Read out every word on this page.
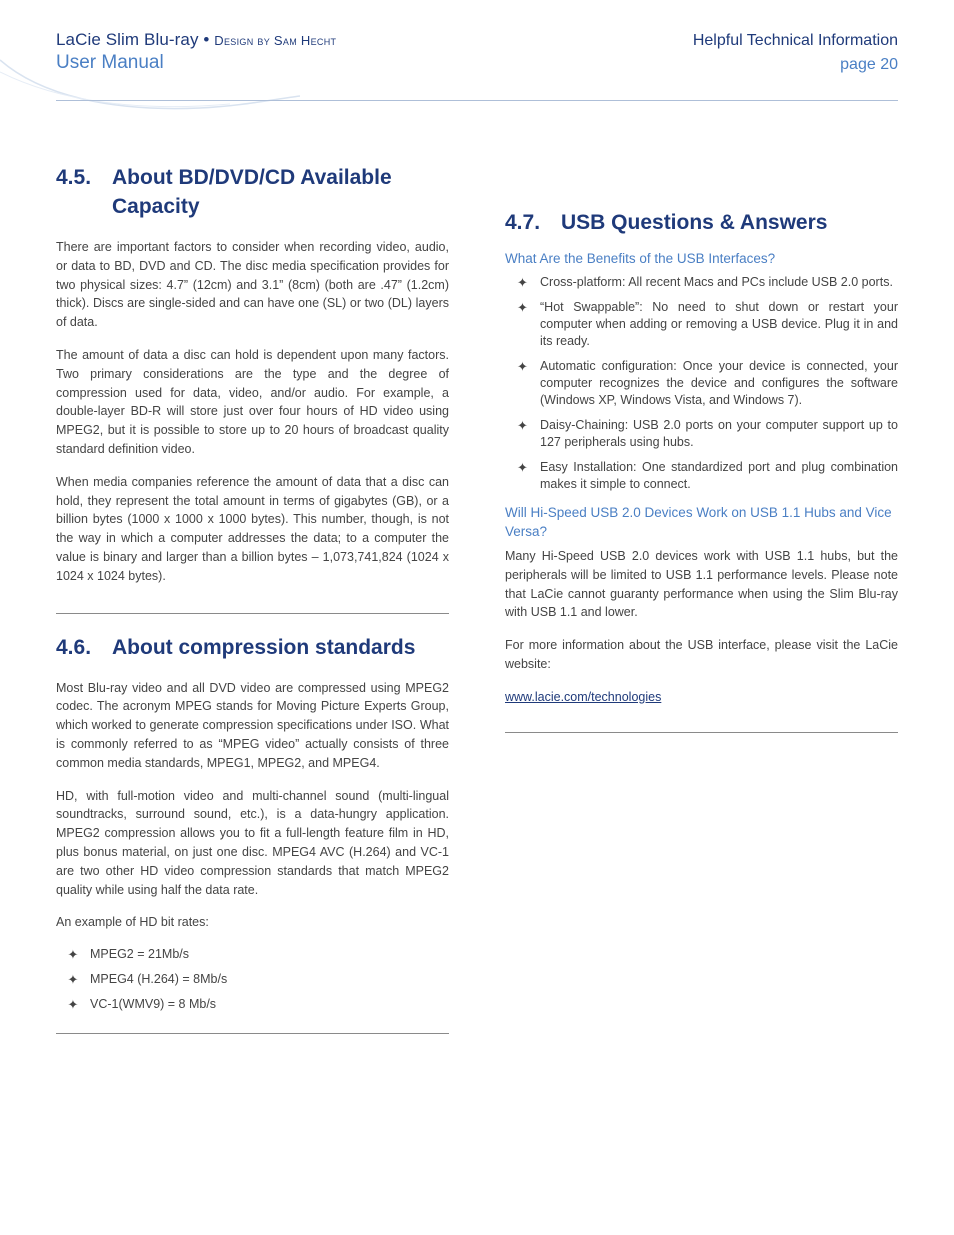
LaCie Slim Blu-ray • Design by Sam Hecht
User Manual
Helpful Technical Information
page 20
4.5. About BD/DVD/CD Available Capacity

There are important factors to consider when recording video, audio, or data to BD, DVD and CD. The disc media specification provides for two physical sizes: 4.7” (12cm) and 3.1” (8cm) (both are .47” (1.2cm) thick). Discs are single-sided and can have one (SL) or two (DL) layers of data.

The amount of data a disc can hold is dependent upon many factors. Two primary considerations are the type and the degree of compression used for data, video, and/or audio. For example, a double-layer BD-R will store just over four hours of HD video using MPEG2, but it is possible to store up to 20 hours of broadcast quality standard definition video.

When media companies reference the amount of data that a disc can hold, they represent the total amount in terms of gigabytes (GB), or a billion bytes (1000 x 1000 x 1000 bytes). This number, though, is not the way in which a computer addresses the data; to a computer the value is binary and larger than a billion bytes – 1,073,741,824 (1024 x 1024 x 1024 bytes).

4.6. About compression standards

Most Blu-ray video and all DVD video are compressed using MPEG2 codec. The acronym MPEG stands for Moving Picture Experts Group, which worked to generate compression specifications under ISO. What is commonly referred to as “MPEG video” actually consists of three common media standards, MPEG1, MPEG2, and MPEG4.

HD, with full-motion video and multi-channel sound (multi-lingual soundtracks, surround sound, etc.), is a data-hungry application. MPEG2 compression allows you to fit a full-length feature film in HD, plus bonus material, on just one disc. MPEG4 AVC (H.264) and VC-1 are two other HD video compression standards that match MPEG2 quality while using half the data rate.

An example of HD bit rates:

✦ MPEG2 = 21Mb/s
✦ MPEG4 (H.264) = 8Mb/s
✦ VC-1(WMV9) = 8 Mb/s
4.7. USB Questions & Answers
What Are the Benefits of the USB Interfaces?
✦ Cross-platform: All recent Macs and PCs include USB 2.0 ports.
✦ “Hot Swappable”: No need to shut down or restart your computer when adding or removing a USB device. Plug it in and its ready.
✦ Automatic configuration: Once your device is connected, your computer recognizes the device and configures the software (Windows XP, Windows Vista, and Windows 7).
✦ Daisy-Chaining: USB 2.0 ports on your computer support up to 127 peripherals using hubs.
✦ Easy Installation: One standardized port and plug combination makes it simple to connect.
Will Hi-Speed USB 2.0 Devices Work on USB 1.1 Hubs and Vice Versa?

Many Hi-Speed USB 2.0 devices work with USB 1.1 hubs, but the peripherals will be limited to USB 1.1 performance levels. Please note that LaCie cannot guaranty performance when using the Slim Blu-ray with USB 1.1 and lower.

For more information about the USB interface, please visit the LaCie website:

www.lacie.com/technologies
